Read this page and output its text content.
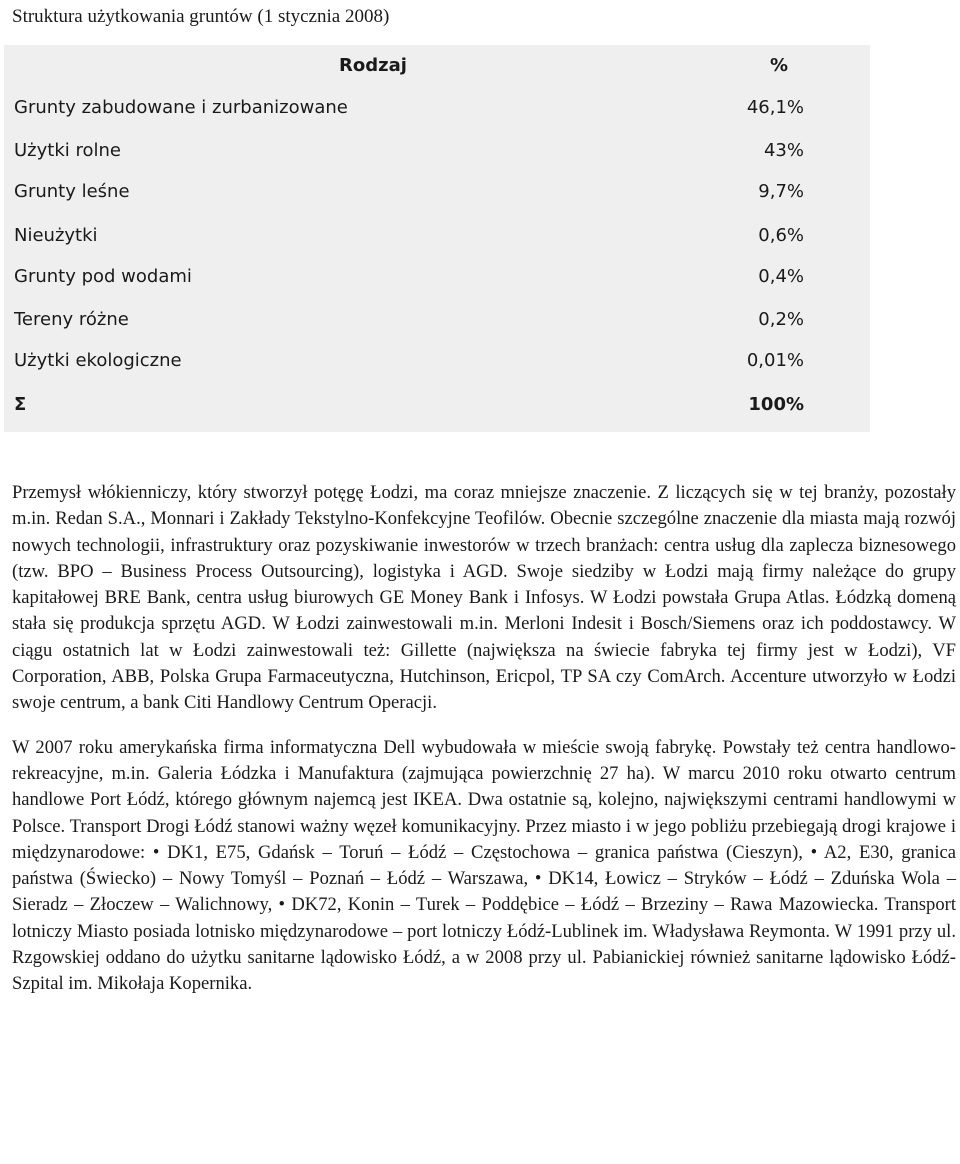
Struktura użytkowania gruntów (1 stycznia 2008)
Rodzaj	%
Grunty zabudowane i zurbanizowane	46,1%
Użytki rolne	43%
Grunty leśne	9,7%
Nieużytki	0,6%
Grunty pod wodami	0,4%
Tereny różne	0,2%
Użytki ekologiczne	0,01%
Σ	100%

Przemysł włókienniczy, który stworzył potęgę Łodzi, ma coraz mniejsze znaczenie. Z liczących się w tej branży, pozostały m.in. Redan S.A., Monnari i Zakłady Tekstylno-Konfekcyjne Teofilów. Obecnie szczególne znaczenie dla miasta mają rozwój nowych technologii, infrastruktury oraz pozyskiwanie inwestorów w trzech branżach: centra usług dla zaplecza biznesowego (tzw. BPO – Business Process Outsourcing), logistyka i AGD. Swoje siedziby w Łodzi mają firmy należące do grupy kapitałowej BRE Bank, centra usług biurowych GE Money Bank i Infosys. W Łodzi powstała Grupa Atlas. Łódzką domeną stała się produkcja sprzętu AGD. W Łodzi zainwestowali m.in. Merloni Indesit i Bosch/Siemens oraz ich poddostawcy. W ciągu ostatnich lat w Łodzi zainwestowali też: Gillette (największa na świecie fabryka tej firmy jest w Łodzi), VF Corporation, ABB, Polska Grupa Farmaceutyczna, Hutchinson, Ericpol, TP SA czy ComArch. Accenture utworzyło w Łodzi swoje centrum, a bank Citi Handlowy Centrum Operacji.

W 2007 roku amerykańska firma informatyczna Dell wybudowała w mieście swoją fabrykę. Powstały też centra handlowo-rekreacyjne, m.in. Galeria Łódzka i Manufaktura (zajmująca powierzchnię 27 ha). W marcu 2010 roku otwarto centrum handlowe Port Łódź, którego głównym najemcą jest IKEA. Dwa ostatnie są, kolejno, największymi centrami handlowymi w Polsce. Transport Drogi Łódź stanowi ważny węzeł komunikacyjny. Przez miasto i w jego pobliżu przebiegają drogi krajowe i międzynarodowe: • DK1, E75, Gdańsk – Toruń – Łódź – Częstochowa – granica państwa (Cieszyn), • A2, E30, granica państwa (Świecko) – Nowy Tomyśl – Poznań – Łódź – Warszawa, • DK14, Łowicz – Stryków – Łódź – Zduńska Wola – Sieradz – Złoczew – Walichnowy, • DK72, Konin – Turek – Poddębice – Łódź – Brzeziny – Rawa Mazowiecka. Transport lotniczy Miasto posiada lotnisko międzynarodowe – port lotniczy Łódź-Lublinek im. Władysława Reymonta. W 1991 przy ul. Rzgowskiej oddano do użytku sanitarne lądowisko Łódź, a w 2008 przy ul. Pabianickiej również sanitarne lądowisko Łódź-Szpital im. Mikołaja Kopernika.
